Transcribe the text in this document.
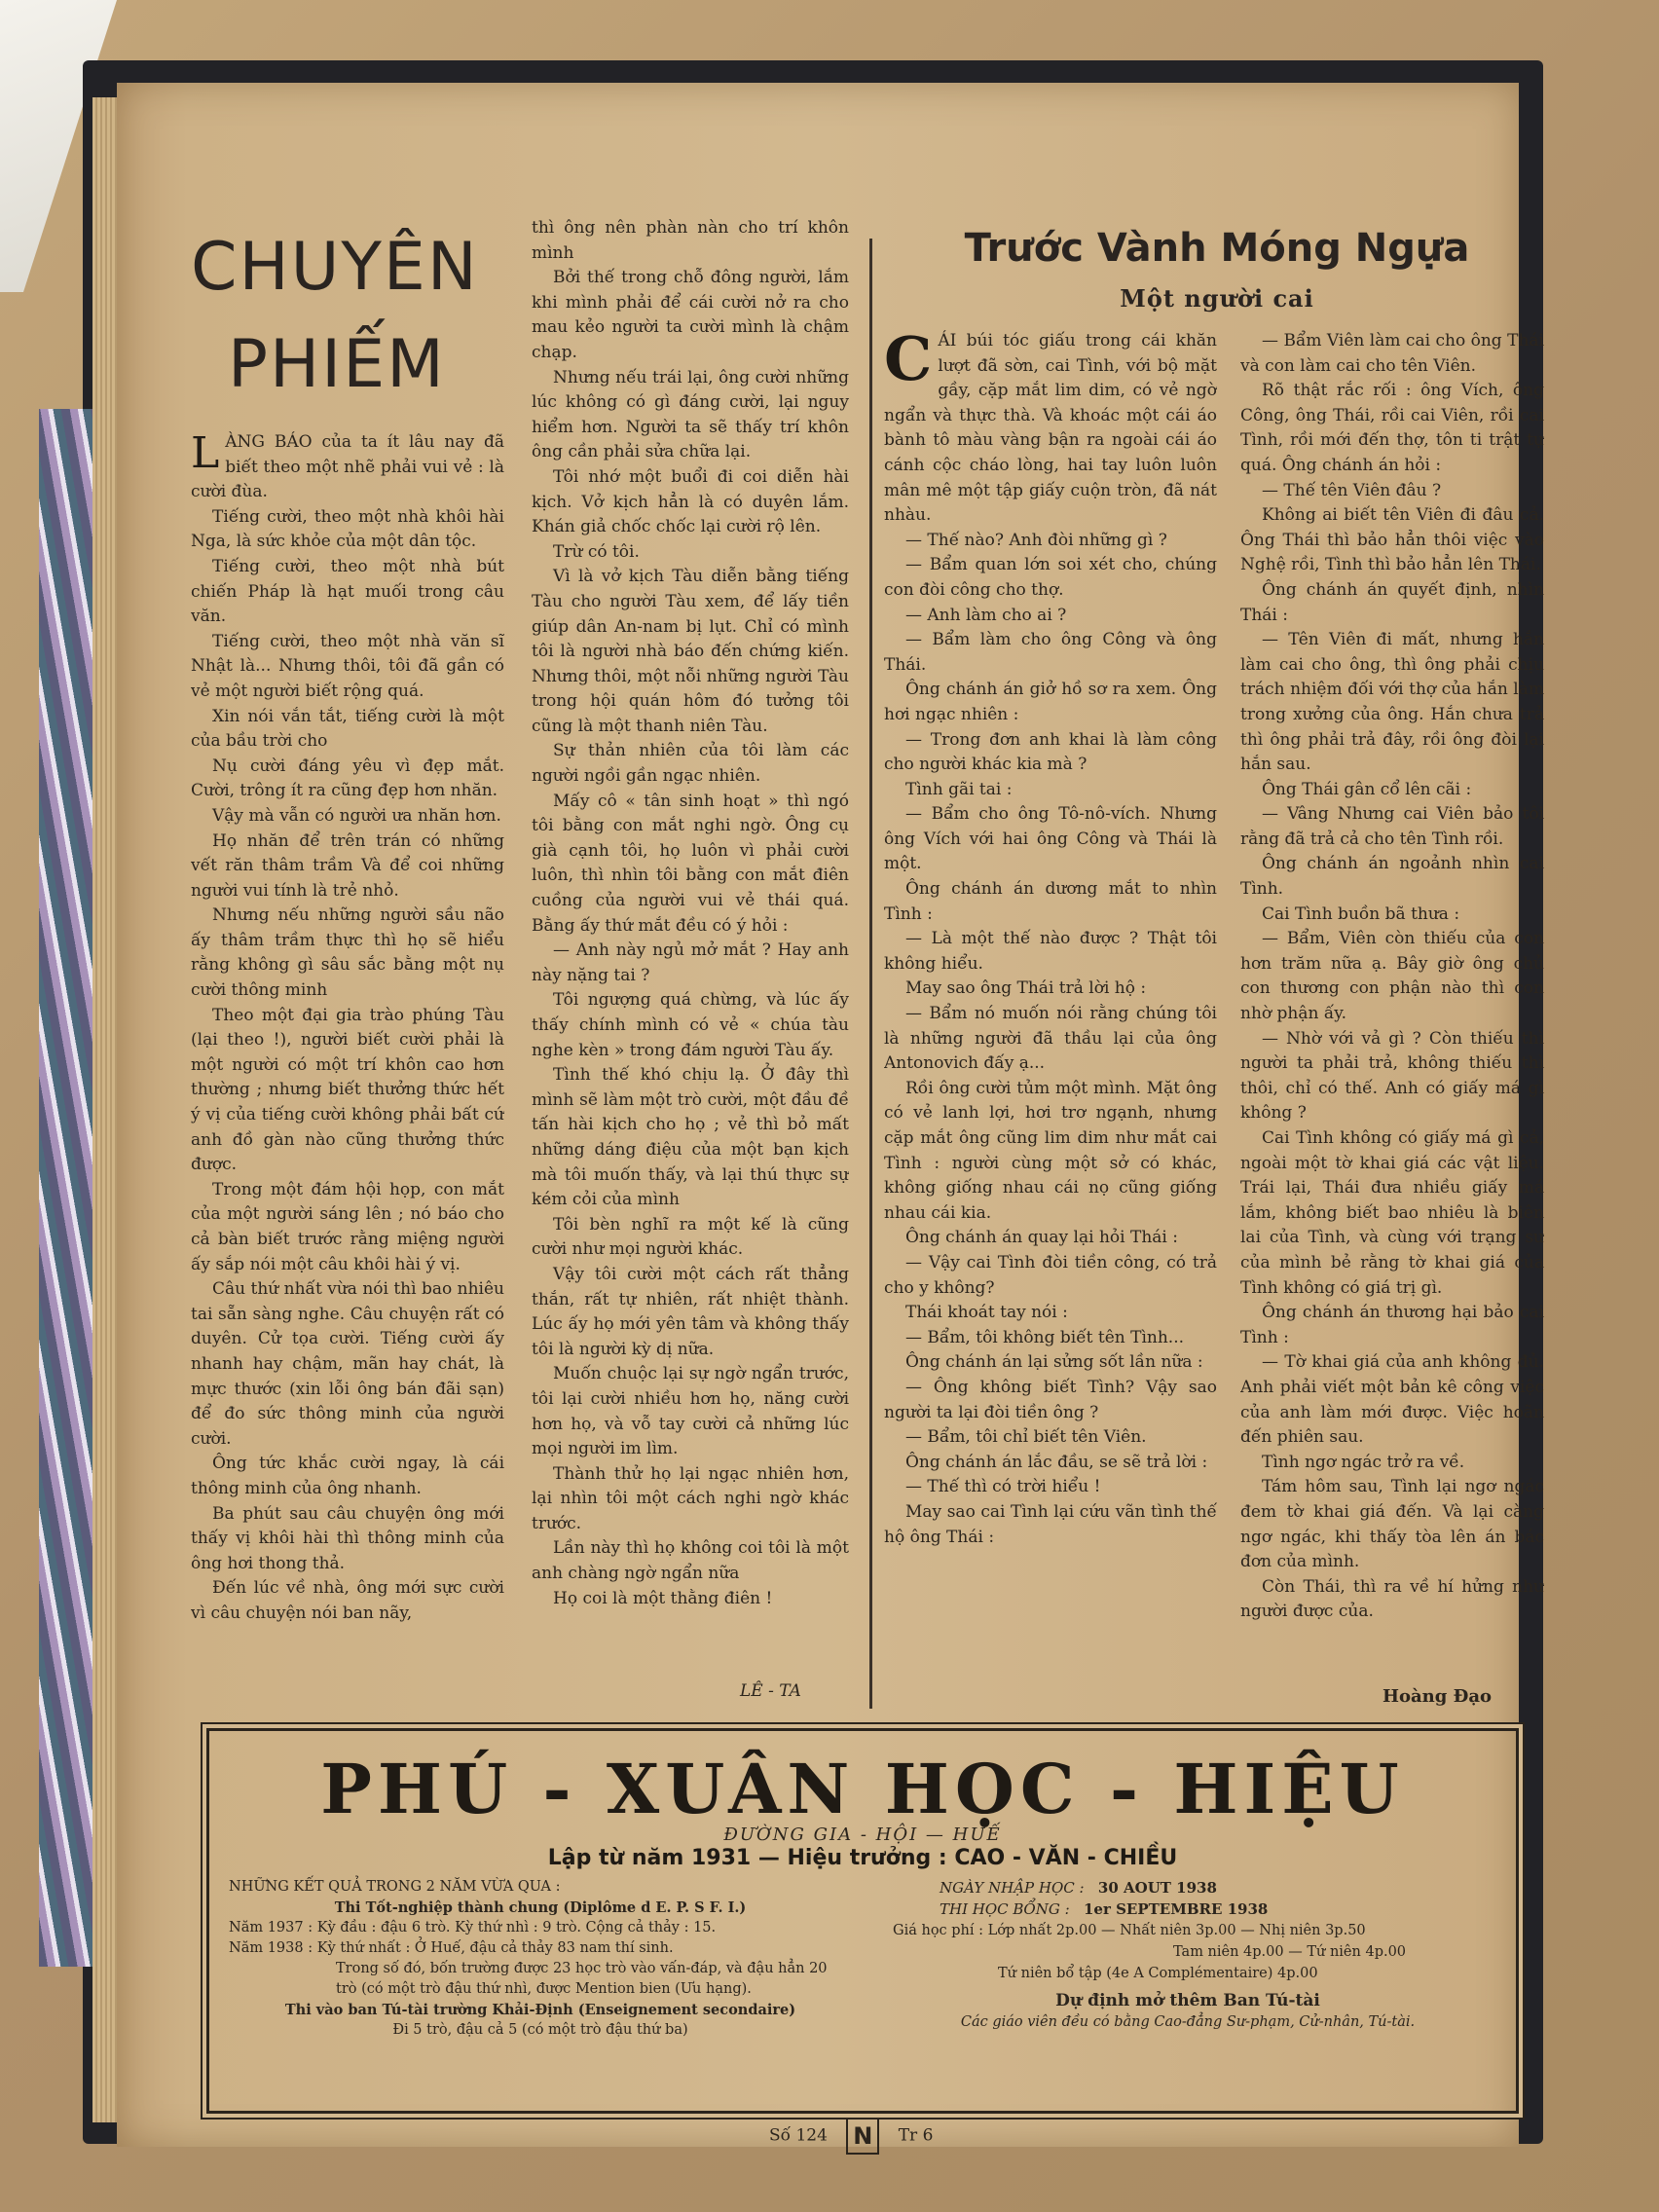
CHUYÊN
PHIẾM

LÀNG BÁO của ta ít lâu nay đã biết theo một nhẽ phải vui vẻ : là cười đùa.

Tiếng cười, theo một nhà khôi hài Nga, là sức khỏe của một dân tộc.

Tiếng cười, theo một nhà bút chiến Pháp là hạt muối trong câu văn.

Tiếng cười, theo một nhà văn sĩ Nhật là... Nhưng thôi, tôi đã gần có vẻ một người biết rộng quá.

Xin nói vắn tắt, tiếng cười là một của bầu trời cho

Nụ cười đáng yêu vì đẹp mắt. Cười, trông ít ra cũng đẹp hơn nhăn.

Vậy mà vẫn có người ưa nhăn hơn.

Họ nhăn để trên trán có những vết răn thâm trầm Và để coi những người vui tính là trẻ nhỏ.

Nhưng nếu những người sầu não ấy thâm trầm thực thì họ sẽ hiểu rằng không gì sâu sắc bằng một nụ cười thông minh

Theo một đại gia trào phúng Tàu (lại theo !), người biết cười phải là một người có một trí khôn cao hơn thường ; nhưng biết thưởng thức hết ý vị của tiếng cười không phải bất cứ anh đồ gàn nào cũng thưởng thức được.

Trong một đám hội họp, con mắt của một người sáng lên ; nó báo cho cả bàn biết trước rằng miệng người ấy sắp nói một câu khôi hài ý vị.

Câu thứ nhất vừa nói thì bao nhiêu tai sẵn sàng nghe. Câu chuyện rất có duyên. Cử tọa cười. Tiếng cười ấy nhanh hay chậm, mãn hay chát, là mực thước (xin lỗi ông bán đãi sạn) để đo sức thông minh của người cười.

Ông tức khắc cười ngay, là cái thông minh của ông nhanh.

Ba phút sau câu chuyện ông mới thấy vị khôi hài thì thông minh của ông hơi thong thả.

Đến lúc về nhà, ông mới sực cười vì câu chuyện nói ban nãy,

thì ông nên phàn nàn cho trí khôn mình

Bởi thế trong chỗ đông người, lắm khi mình phải để cái cười nở ra cho mau kẻo người ta cười mình là chậm chạp.

Nhưng nếu trái lại, ông cười những lúc không có gì đáng cười, lại nguy hiểm hơn. Người ta sẽ thấy trí khôn ông cần phải sửa chữa lại.

Tôi nhớ một buổi đi coi diễn hài kịch. Vở kịch hẳn là có duyên lắm. Khán giả chốc chốc lại cười rộ lên.

Trừ có tôi.

Vì là vở kịch Tàu diễn bằng tiếng Tàu cho người Tàu xem, để lấy tiền giúp dân An-nam bị lụt. Chỉ có mình tôi là người nhà báo đến chứng kiến. Nhưng thôi, một nỗi những người Tàu trong hội quán hôm đó tưởng tôi cũng là một thanh niên Tàu.

Sự thản nhiên của tôi làm các người ngồi gần ngạc nhiên.

Mấy cô « tân sinh hoạt » thì ngó tôi bằng con mắt nghi ngờ. Ông cụ già cạnh tôi, họ luôn vì phải cười luôn, thì nhìn tôi bằng con mắt điên cuồng của người vui vẻ thái quá. Bằng ấy thứ mắt đều có ý hỏi :

— Anh này ngủ mở mắt ? Hay anh này nặng tai ?

Tôi ngượng quá chừng, và lúc ấy thấy chính mình có vẻ « chúa tàu nghe kèn » trong đám người Tàu ấy.

Tình thế khó chịu lạ. Ở đây thì mình sẽ làm một trò cười, một đầu đề tấn hài kịch cho họ ; vẻ thì bỏ mất những dáng điệu của một bạn kịch mà tôi muốn thấy, và lại thú thực sự kém cỏi của mình

Tôi bèn nghĩ ra một kế là cũng cười như mọi người khác.

Vậy tôi cười một cách rất thẳng thắn, rất tự nhiên, rất nhiệt thành. Lúc ấy họ mới yên tâm và không thấy tôi là người kỳ dị nữa.

Muốn chuộc lại sự ngờ ngẩn trước, tôi lại cười nhiều hơn họ, năng cười hơn họ, và vỗ tay cười cả những lúc mọi người im lìm.

Thành thử họ lại ngạc nhiên hơn, lại nhìn tôi một cách nghi ngờ khác trước.

Lần này thì họ không coi tôi là một anh chàng ngờ ngẩn nữa

Họ coi là một thằng điên !

LÊ - TA
Trước Vành Móng Ngựa
Một người cai

CÁI búi tóc giấu trong cái khăn lượt đã sờn, cai Tình, với bộ mặt gầy, cặp mắt lim dim, có vẻ ngờ ngẩn và thực thà. Và khoác một cái áo bành tô màu vàng bận ra ngoài cái áo cánh cộc cháo lòng, hai tay luôn luôn mân mê một tập giấy cuộn tròn, đã nát nhàu.

— Thế nào? Anh đòi những gì ?

— Bẩm quan lớn soi xét cho, chúng con đòi công cho thợ.

— Anh làm cho ai ?

— Bẩm làm cho ông Công và ông Thái.

Ông chánh án giở hồ sơ ra xem. Ông hơi ngạc nhiên :

— Trong đơn anh khai là làm công cho người khác kia mà ?

Tình gãi tai :

— Bẩm cho ông Tô-nô-vích. Nhưng ông Vích với hai ông Công và Thái là một.

Ông chánh án dương mắt to nhìn Tình :

— Là một thế nào được ? Thật tôi không hiểu.

May sao ông Thái trả lời hộ :

— Bẩm nó muốn nói rằng chúng tôi là những người đã thầu lại của ông Antonovich đấy ạ...

Rồi ông cười tủm một mình. Mặt ông có vẻ lanh lợi, hơi trơ ngạnh, nhưng cặp mắt ông cũng lim dim như mắt cai Tình : người cùng một sở có khác, không giống nhau cái nọ cũng giống nhau cái kia.

Ông chánh án quay lại hỏi Thái :

— Vậy cai Tình đòi tiền công, có trả cho y không?

Thái khoát tay nói :

— Bẩm, tôi không biết tên Tình...

Ông chánh án lại sửng sốt lần nữa :

— Ông không biết Tình? Vậy sao người ta lại đòi tiền ông ?

— Bẩm, tôi chỉ biết tên Viên.

Ông chánh án lắc đầu, se sẽ trả lời :

— Thế thì có trời hiểu !

May sao cai Tình lại cứu vãn tình thế hộ ông Thái :

— Bẩm Viên làm cai cho ông Thái và con làm cai cho tên Viên.

Rõ thật rắc rối : ông Vích, ông Công, ông Thái, rồi cai Viên, rồi cai Tình, rồi mới đến thợ, tôn ti trật tự quá. Ông chánh án hỏi :

— Thế tên Viên đâu ?

Không ai biết tên Viên đi đâu cả. Ông Thái thì bảo hẳn thôi việc vào Nghệ rồi, Tình thì bảo hẳn lên Thái.

Ông chánh án quyết định, nhìn Thái :

— Tên Viên đi mất, nhưng hắn làm cai cho ông, thì ông phải chịu trách nhiệm đối với thợ của hắn làm trong xưởng của ông. Hắn chưa trả thì ông phải trả đây, rồi ông đòi lại hắn sau.

Ông Thái gân cổ lên cãi :

— Vâng Nhưng cai Viên bảo tôi rằng đã trả cả cho tên Tình rồi.

Ông chánh án ngoảnh nhìn cai Tình.

Cai Tình buồn bã thưa :

— Bẩm, Viên còn thiếu của con hơn trăm nữa ạ. Bây giờ ông chủ con thương con phận nào thì con nhờ phận ấy.

— Nhờ với vả gì ? Còn thiếu thì người ta phải trả, không thiếu thì thôi, chỉ có thế. Anh có giấy má gì không ?

Cai Tình không có giấy má gì cả, ngoài một tờ khai giá các vật liệu. Trái lại, Thái đưa nhiều giấy má lắm, không biết bao nhiêu là biên lai của Tình, và cùng với trạng sư của mình bẻ rằng tờ khai giá của Tình không có giá trị gì.

Ông chánh án thương hại bảo cai Tình :

— Tờ khai giá của anh không đủ. Anh phải viết một bản kê công việc của anh làm mới được. Việc hoãn đến phiên sau.

Tình ngơ ngác trở ra về.

Tám hôm sau, Tình lại ngơ ngác đem tờ khai giá đến. Và lại càng ngơ ngác, khi thấy tòa lên án bác đơn của mình.

Còn Thái, thì ra về hí hửng như người được của.

Hoàng Đạo
PHÚ - XUÂN HỌC - HIỆU
ĐƯỜNG GIA - HỘI — HUẾ
Lập từ năm 1931 — Hiệu trưởng : CAO - VĂN - CHIỀU
NHỮNG KẾT QUẢ TRONG 2 NĂM VỪA QUA :
Thi Tốt-nghiệp thành chung (Diplôme d E. P. S F. I.)
Năm 1937 : Kỳ đầu : đậu 6 trò. Kỳ thứ nhì : 9 trò. Cộng cả thảy : 15.
Năm 1938 : Kỳ thứ nhất : Ở Huế, đậu cả thảy 83 nam thí sinh.
Trong số đó, bốn trường được 23 học trò vào vấn-đáp, và đậu hẳn 20 trò (có một trò đậu thứ nhì, được Mention bien (Ưu hạng).
Thi vào ban Tú-tài trường Khải-Định (Enseignement secondaire)
Đi 5 trò, đậu cả 5 (có một trò đậu thứ ba)
NGÀY NHẬP HỌC : 30 AOUT 1938
THI HỌC BỔNG : 1er SEPTEMBRE 1938
Giá học phí : Lớp nhất 2p.00 — Nhất niên 3p.00 — Nhị niên 3p.50
Tam niên 4p.00 — Tứ niên 4p.00
Tứ niên bổ tập (4e A Complémentaire) 4p.00
Dự định mở thêm Ban Tú-tài
Các giáo viên đều có bằng Cao-đẳng Sư-phạm, Cử-nhân, Tú-tài.
Số 124 N Tr 6
